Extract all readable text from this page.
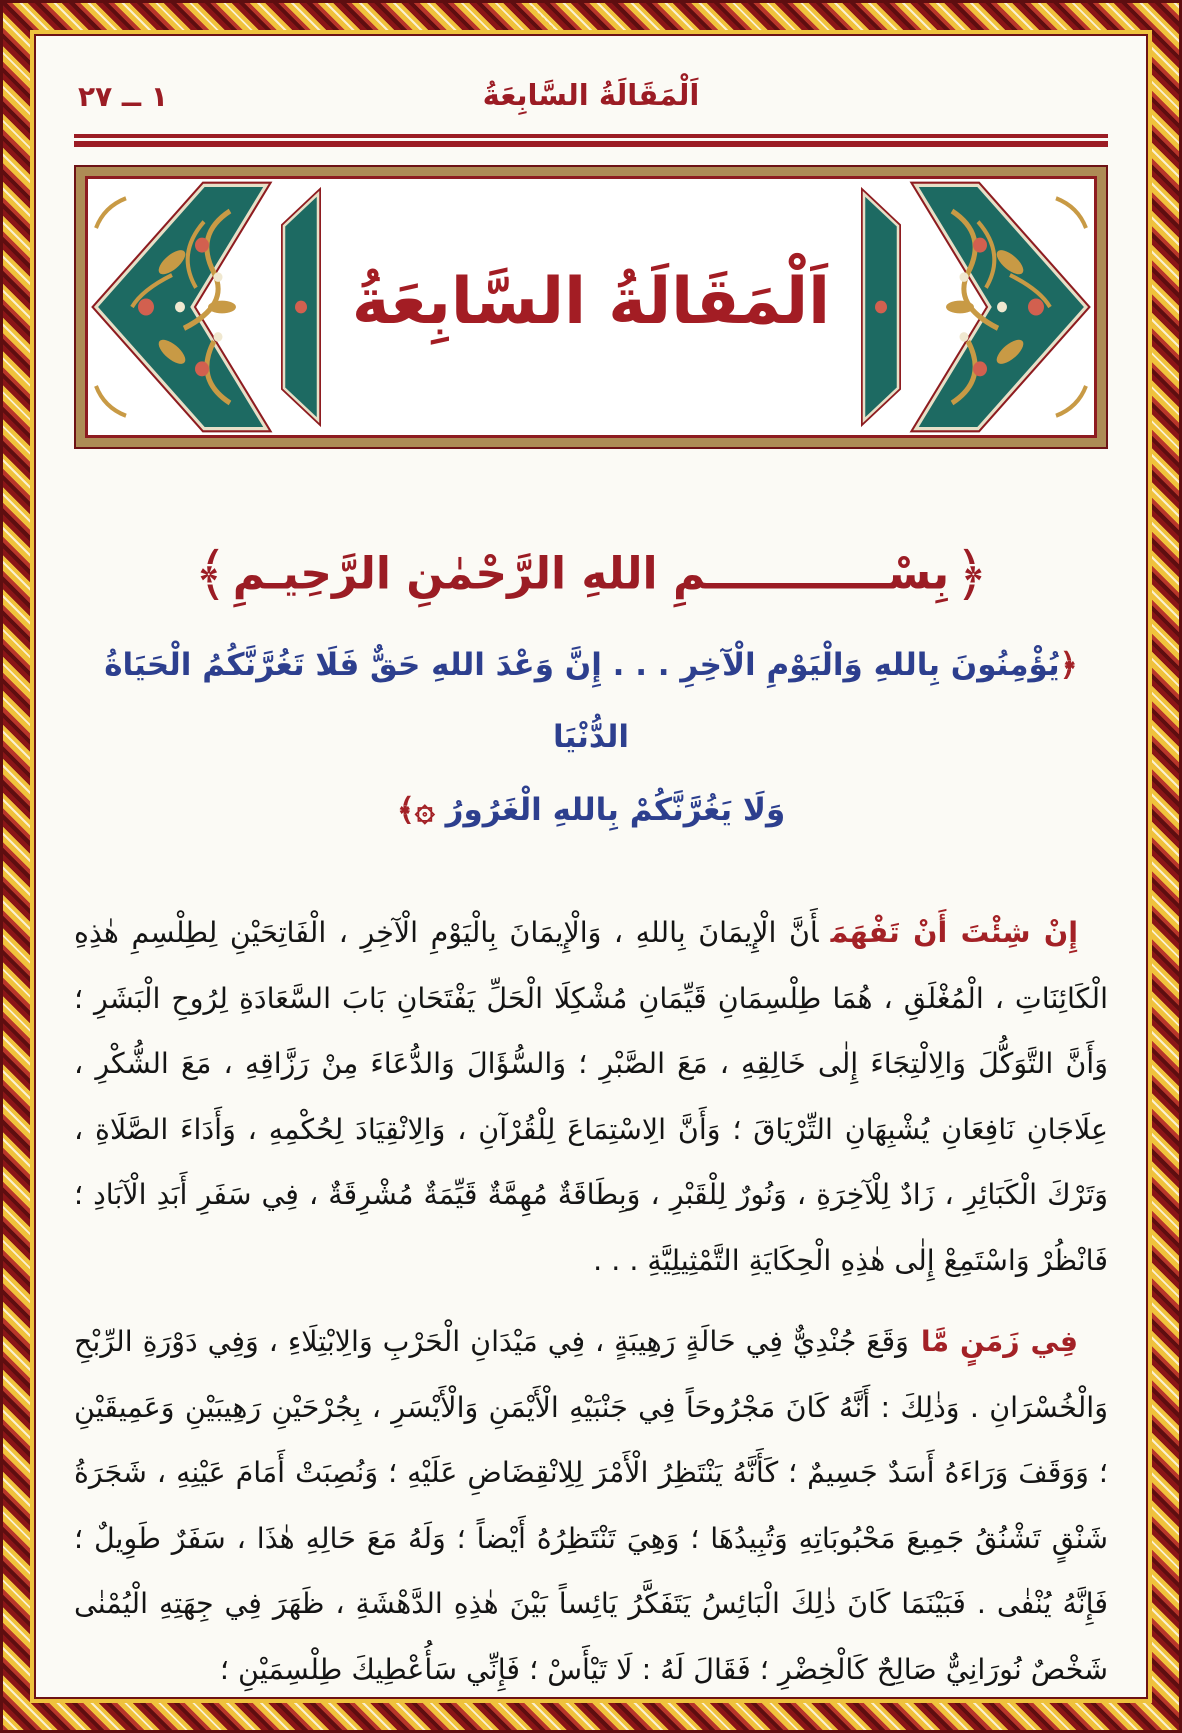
١ ــ ٢٧	اَلْمَقَالَةُ السَّابِعَةُ
اَلْمَقَالَةُ السَّابِعَةُ
﴿ بِسْــــــــــــمِ اللهِ الرَّحْمٰنِ الرَّحِيـمِ ﴾
﴿يُؤْمِنُونَ بِاللهِ وَالْيَوْمِ الْآخِرِ . . . إِنَّ وَعْدَ اللهِ حَقٌّ فَلَا تَغُرَّنَّكُمُ الْحَيَاةُ الدُّنْيَا
وَلَا يَغُرَّنَّكُمْ بِاللهِ الْغَرُورُ ۞﴾

إِنْ شِئْتَ أَنْ تَفْهَمَأَنَّ الْإِيمَانَ بِاللهِ ، وَالْإِيمَانَ بِالْيَوْمِ الْآخِرِ ، الْفَاتِحَيْنِ لِطِلْسِمِ هٰذِهِ الْكَائِنَاتِ ، الْمُغْلَقِ ، هُمَا طِلْسِمَانِ قَيِّمَانِ مُشْكِلَا الْحَلِّ يَفْتَحَانِ بَابَ السَّعَادَةِ لِرُوحِ الْبَشَرِ ؛ وَأَنَّ التَّوَكُّلَ وَالِالْتِجَاءَ إِلٰى خَالِقِهِ ، مَعَ الصَّبْرِ ؛ وَالسُّؤَالَ وَالدُّعَاءَ مِنْ رَزَّاقِهِ ، مَعَ الشُّكْرِ ، عِلَاجَانِ نَافِعَانِ يُشْبِهَانِ التِّرْيَاقَ ؛ وَأَنَّ الِاسْتِمَاعَ لِلْقُرْآنِ ، وَالِانْقِيَادَ لِحُكْمِهِ ، وَأَدَاءَ الصَّلَاةِ ، وَتَرْكَ الْكَبَائِرِ ، زَادٌ لِلْآخِرَةِ ، وَنُورٌ لِلْقَبْرِ ، وَبِطَاقَةٌ مُهِمَّةٌ قَيِّمَةٌ مُشْرِقَةٌ ، فِي سَفَرِ أَبَدِ الْآبَادِ ؛ فَانْظُرْ وَاسْتَمِعْ إِلٰى هٰذِهِ الْحِكَايَةِ التَّمْثِيلِيَّةِ . . .

فِي زَمَنٍ مَّاوَقَعَ جُنْدِيٌّ فِي حَالَةٍ رَهِيبَةٍ ، فِي مَيْدَانِ الْحَرْبِ وَالِابْتِلَاءِ ، وَفِي دَوْرَةِ الرِّبْحِ وَالْخُسْرَانِ . وَذٰلِكَ : أَنَّهُ كَانَ مَجْرُوحَاً فِي جَنْبَيْهِ الْأَيْمَنِ وَالْأَيْسَرِ ، بِجُرْحَيْنِ رَهِيبَيْنِ وَعَمِيقَيْنِ ؛ وَوَقَفَ وَرَاءَهُ أَسَدٌ جَسِيمٌ ؛ كَأَنَّهُ يَنْتَظِرُ الْأَمْرَ لِلِانْقِضَاضِ عَلَيْهِ ؛ وَنُصِبَتْ أَمَامَ عَيْنِهِ ، شَجَرَةُ شَنْقٍ تَشْنُقُ جَمِيعَ مَحْبُوبَاتِهِ وَتُبِيدُهَا ؛ وَهِيَ تَنْتَظِرُهُ أَيْضاً ؛ وَلَهُ مَعَ حَالِهِ هٰذَا ، سَفَرٌ طَوِيلٌ ؛ فَإِنَّهُ يُنْفٰى . فَبَيْنَمَا كَانَ ذٰلِكَ الْبَائِسُ يَتَفَكَّرُ يَائِساً بَيْنَ هٰذِهِ الدَّهْشَةِ ، ظَهَرَ فِي جِهَتِهِ الْيُمْنٰى شَخْصٌ نُورَانِيٌّ صَالِحٌ كَالْخِضْرِ ؛ فَقَالَ لَهُ : لَا تَيْأَسْ ؛ فَإِنِّي سَأُعْطِيكَ طِلْسِمَيْنِ ؛
